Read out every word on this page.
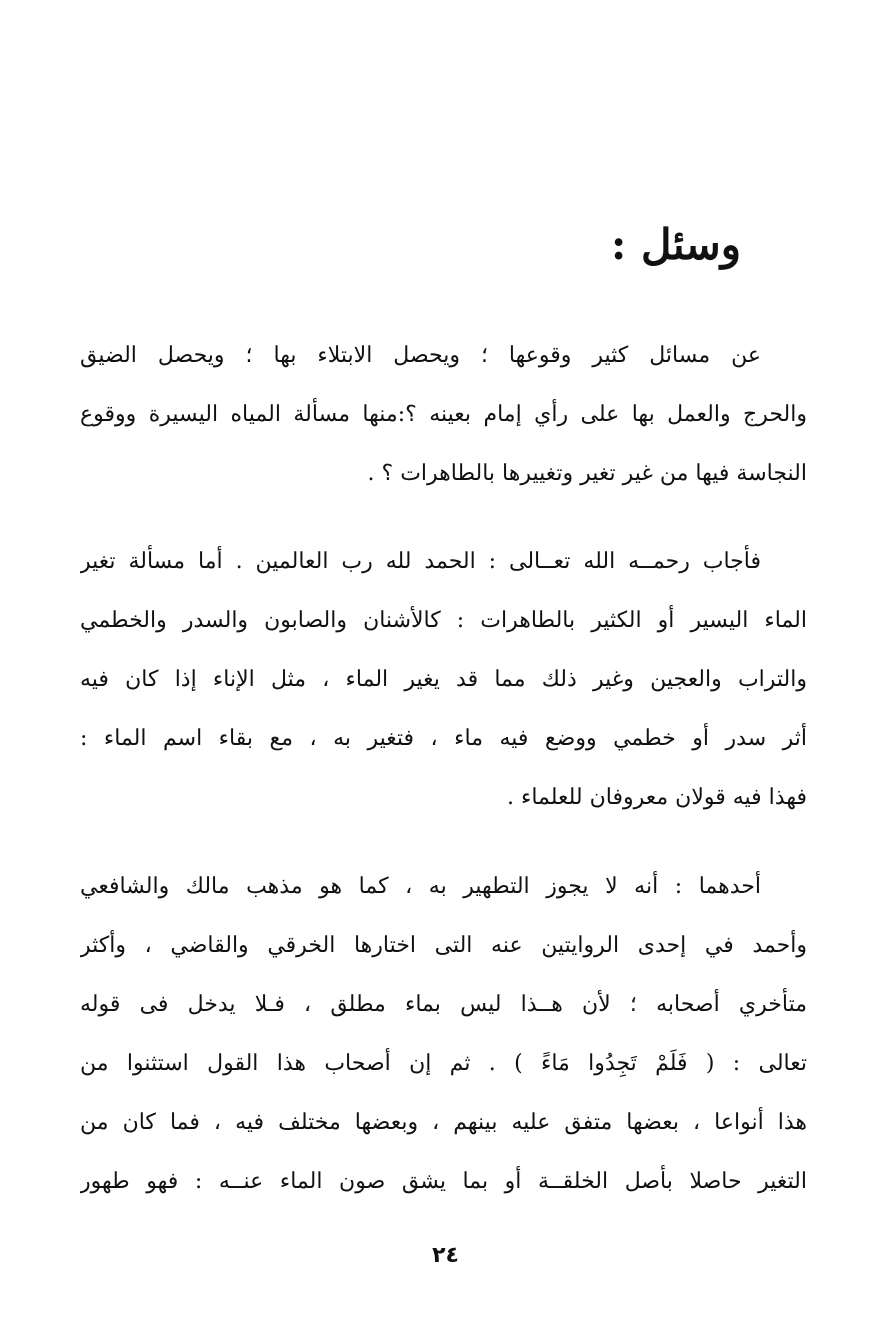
وسئل :
عن مسائل كثير وقوعها ؛ ويحصل الابتلاء بها ؛ ويحصل الضيق
والحرج والعمل بها على رأي إمام بعينه ؟:منها مسألة المياه اليسيرة ووقوع
النجاسة فيها من غير تغير وتغييرها بالطاهرات ؟ .
فأجاب رحمــه الله تعــالى : الحمد لله رب العالمين . أما مسألة تغير
الماء اليسير أو الكثير بالطاهرات : كالأشنان والصابون والسدر والخطمي
والتراب والعجين وغير ذلك مما قد يغير الماء ، مثل الإناء إذا كان فيه
أثر سدر أو خطمي ووضع فيه ماء ، فتغير به ، مع بقاء اسم الماء :
فهذا فيه قولان معروفان للعلماء .
أحدهما : أنه لا يجوز التطهير به ، كما هو مذهب مالك والشافعي
وأحمد في إحدى الروايتين عنه التى اختارها الخرقي والقاضي ، وأكثر
متأخري أصحابه ؛ لأن هــذا ليس بماء مطلق ، فـلا يدخل فى قوله
تعالى : ( فَلَمْ تَجِدُوا مَاءً ) . ثم إن أصحاب هذا القول استثنوا من
هذا أنواعا ، بعضها متفق عليه بينهم ، وبعضها مختلف فيه ، فما كان من
التغير حاصلا بأصل الخلقــة أو بما يشق صون الماء عنــه : فهو طهور
٢٤
